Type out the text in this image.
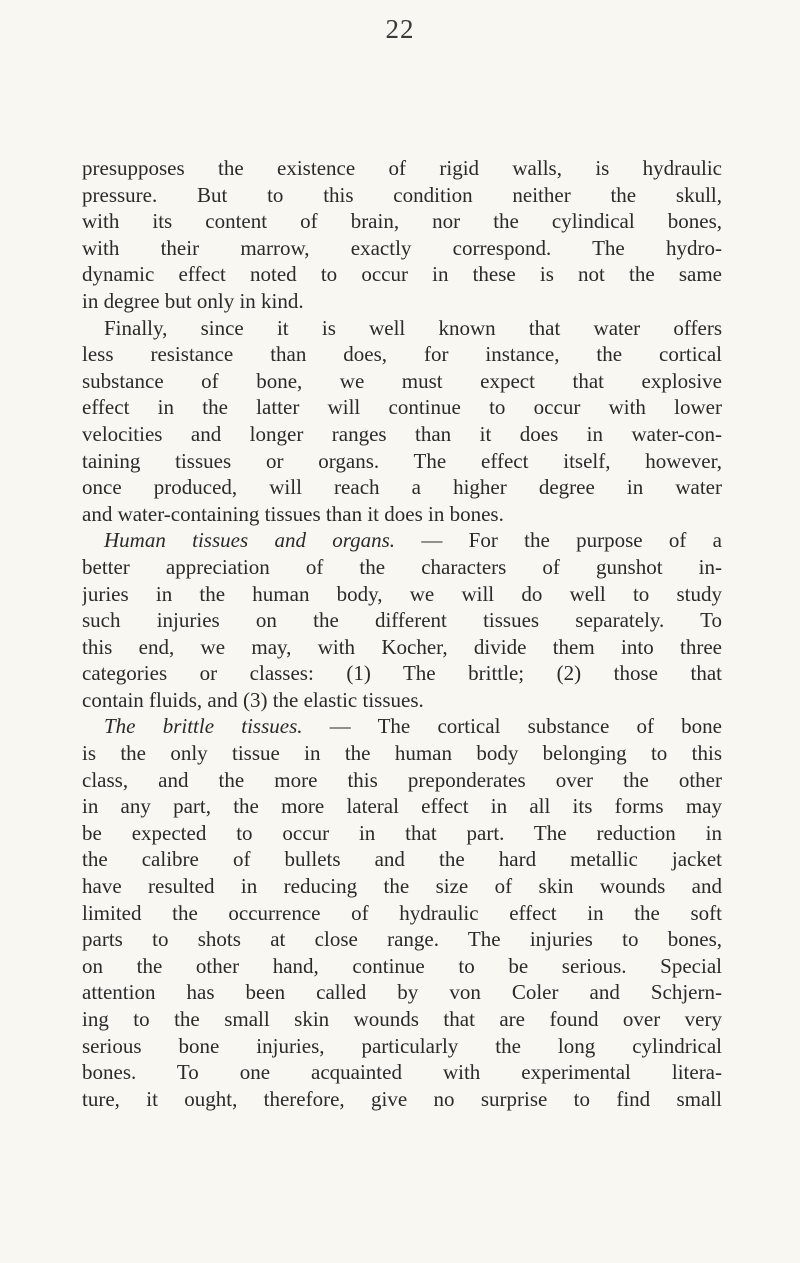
22
presupposes the existence of rigid walls, is hydraulic
pressure. But to this condition neither the skull,
with its content of brain, nor the cylindical bones,
with their marrow, exactly correspond. The hydro-
dynamic effect noted to occur in these is not the same
in degree but only in kind.
Finally, since it is well known that water offers
less resistance than does, for instance, the cortical
substance of bone, we must expect that explosive
effect in the latter will continue to occur with lower
velocities and longer ranges than it does in water-con-
taining tissues or organs. The effect itself, however,
once produced, will reach a higher degree in water
and water-containing tissues than it does in bones.
Human tissues and organs. — For the purpose of a
better appreciation of the characters of gunshot in-
juries in the human body, we will do well to study
such injuries on the different tissues separately. To
this end, we may, with Kocher, divide them into three
categories or classes: (1) The brittle; (2) those that
contain fluids, and (3) the elastic tissues.
The brittle tissues. — The cortical substance of bone
is the only tissue in the human body belonging to this
class, and the more this preponderates over the other
in any part, the more lateral effect in all its forms may
be expected to occur in that part. The reduction in
the calibre of bullets and the hard metallic jacket
have resulted in reducing the size of skin wounds and
limited the occurrence of hydraulic effect in the soft
parts to shots at close range. The injuries to bones,
on the other hand, continue to be serious. Special
attention has been called by von Coler and Schjern-
ing to the small skin wounds that are found over very
serious bone injuries, particularly the long cylindrical
bones. To one acquainted with experimental litera-
ture, it ought, therefore, give no surprise to find small
